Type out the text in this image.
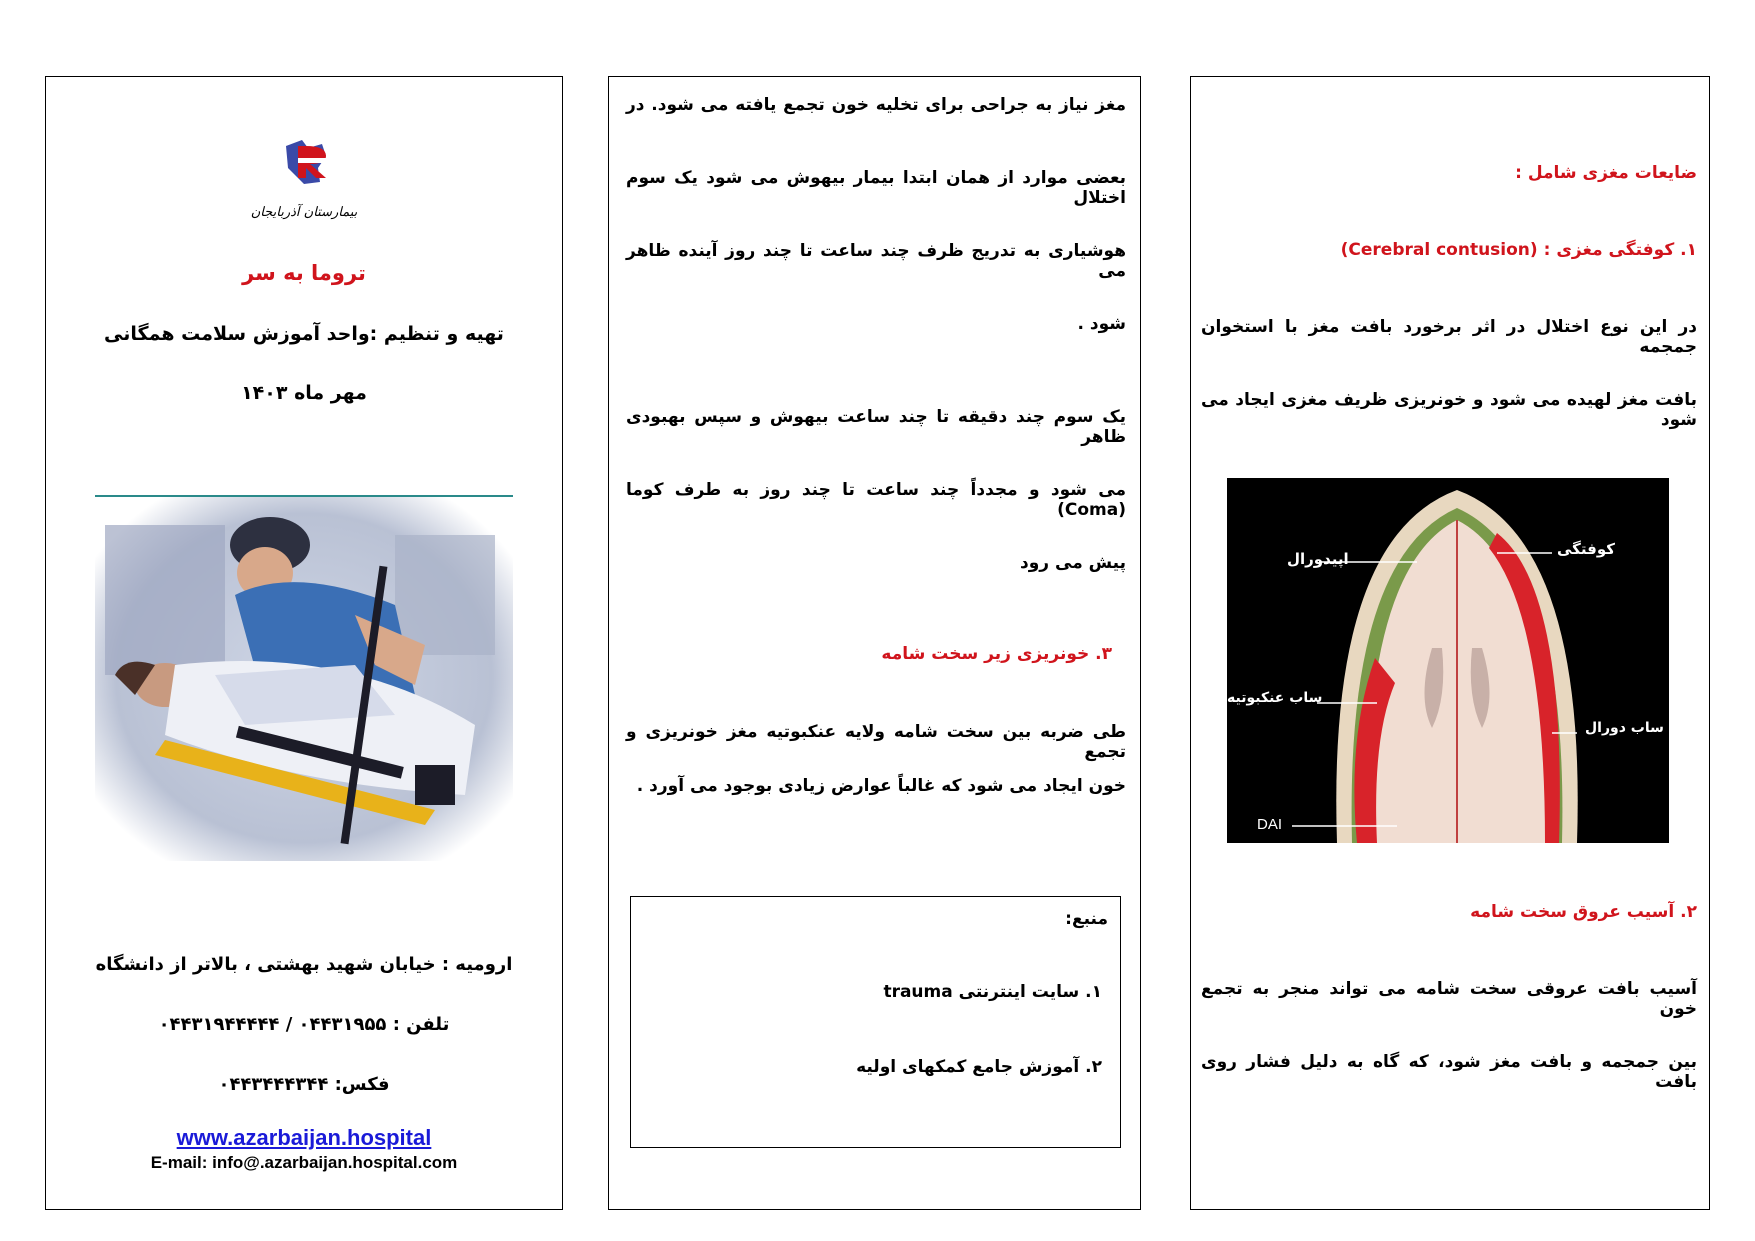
بیمارستان آذربایجان
تروما به سر
تهیه و تنظیم :واحد آموزش سلامت همگانی
مهر ماه ۱۴۰۳
ارومیه : خیابان شهید بهشتی ، بالاتر از دانشگاه
تلفن : ۰۴۴۳۱۹۵۵ / ۰۴۴۳۱۹۴۴۴۴۴
فکس: ۰۴۴۳۴۴۴۳۴۴
www.azarbaijan.hospital
E-mail: info@.azarbaijan.hospital.com
مغز نیاز به جراحی برای تخلیه خون تجمع یافته می شود. در
بعضی موارد از همان ابتدا بیمار بیهوش می شود یک سوم اختلال
هوشیاری به تدریج ظرف چند ساعت تا چند روز آینده ظاهر می
شود .
یک سوم چند دقیقه تا چند ساعت بیهوش و سپس بهبودی ظاهر
می شود و مجدداً چند ساعت تا چند روز به طرف کوما (Coma)
پیش می رود
۳. خونریزی زیر سخت شامه
طی ضربه بین سخت شامه ولایه عنکبوتیه مغز خونریزی و تجمع
خون ایجاد می شود که غالباً عوارض زیادی بوجود می آورد .
منبع:
۱. سایت اینترنتی trauma
۲. آموزش جامع کمکهای اولیه
ضایعات مغزی شامل :
۱. کوفتگی مغزی : (Cerebral contusion)
در این نوع اختلال در اثر برخورد بافت مغز با استخوان جمجمه
بافت مغز لهیده می شود و خونریزی ظریف مغزی ایجاد می شود
اپیدورال
کوفتگی
ساب عنکبوتیه
ساب دورال
DAI
۲. آسیب عروق سخت شامه
آسیب بافت عروقی سخت شامه می تواند منجر به تجمع خون
بین جمجمه و بافت مغز شود، که گاه به دلیل فشار روی بافت
